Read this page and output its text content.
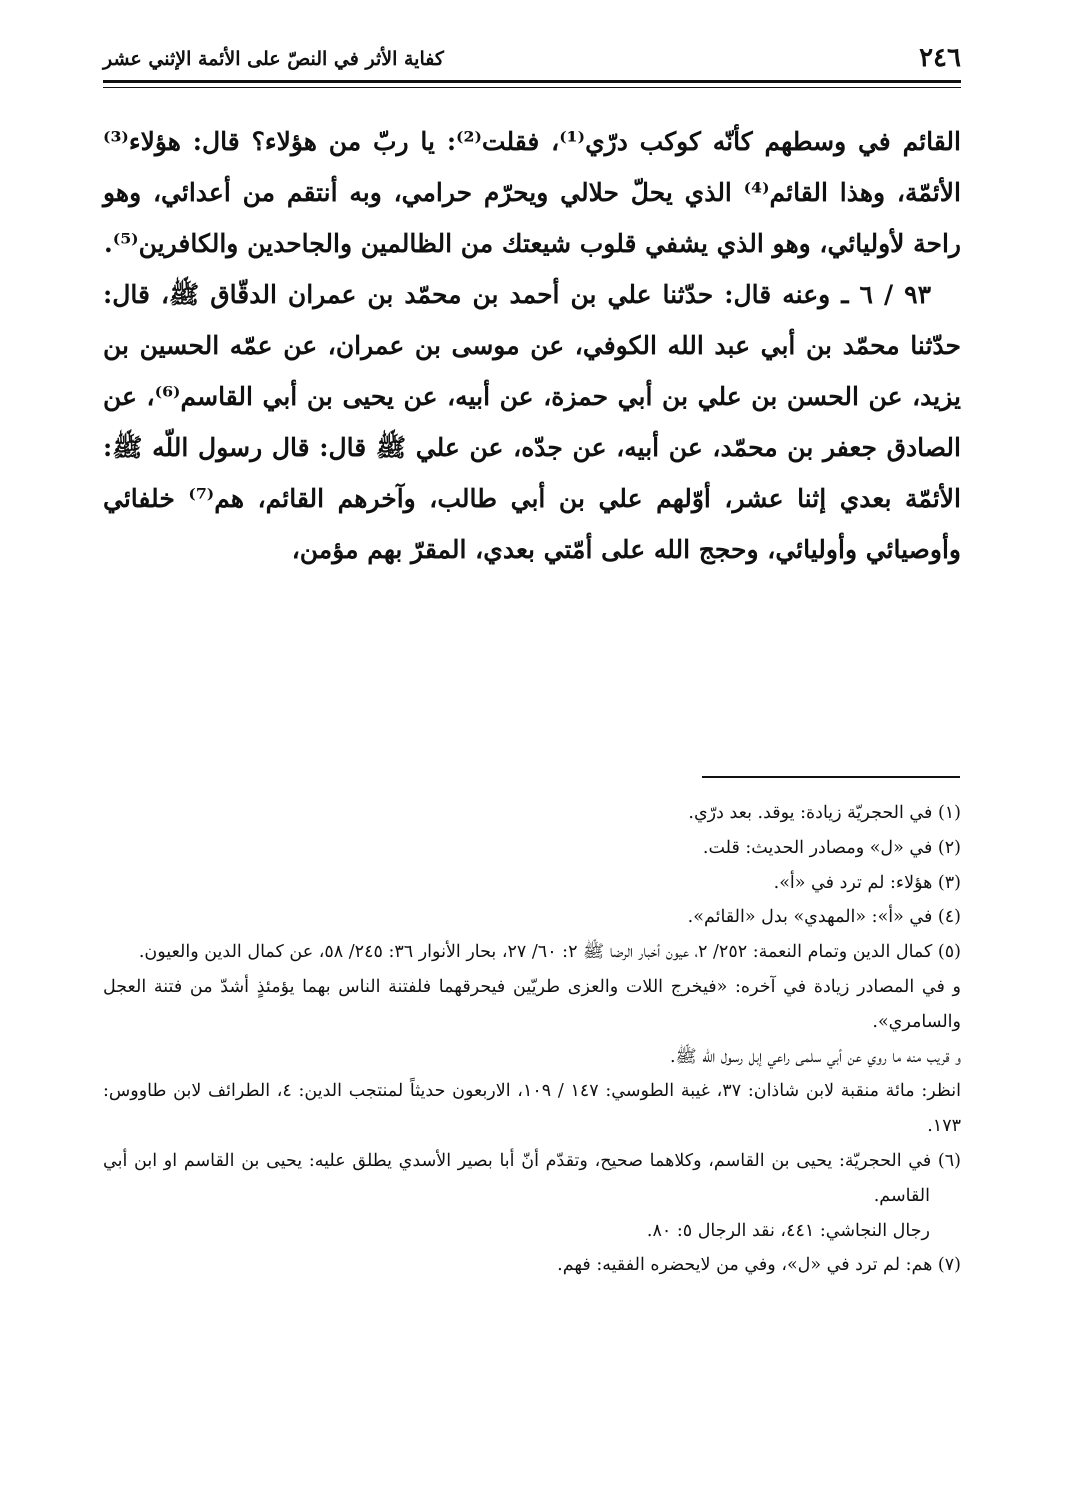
٢٤٦
كفاية الأثر في النصّ على الأئمة الإثني عشر

القائم في وسطهم كأنّه كوكب درّي⁽¹⁾، فقلت⁽²⁾: يا ربّ من هؤلاء؟ قال: هؤلاء⁽³⁾ الأئمّة، وهذا القائم⁽⁴⁾ الذي يحلّ حلالي ويحرّم حرامي، وبه أنتقم من أعدائي، وهو راحة لأوليائي، وهو الذي يشفي قلوب شيعتك من الظالمين والجاحدين والكافرين⁽⁵⁾.

٩٣ / ٦ ـ وعنه قال: حدّثنا علي بن أحمد بن محمّد بن عمران الدقّاق ﷺ، قال: حدّثنا محمّد بن أبي عبد الله الكوفي، عن موسى بن عمران، عن عمّه الحسين بن يزيد، عن الحسن بن علي بن أبي حمزة، عن أبيه، عن يحيى بن أبي القاسم⁽⁶⁾، عن الصادق جعفر بن محمّد، عن أبيه، عن جدّه، عن علي ﷺ قال: قال رسول اللّه ﷺ: الأئمّة بعدي إثنا عشر، أوّلهم علي بن أبي طالب، وآخرهم القائم، هم⁽⁷⁾ خلفائي وأوصيائي وأوليائي، وحجج الله على أمّتي بعدي، المقرّ بهم مؤمن،

(١) في الحجريّة زيادة: يوقد. بعد درّي.

(٢) في «ل» ومصادر الحديث: قلت.

(٣) هؤلاء: لم ترد في «أ».

(٤) في «أ»: «المهدي» بدل «القائم».

(٥) كمال الدين وتمام النعمة: ٢٥٢/ ٢، عيون أخبار الرضا ﷺ ٢: ٦٠/ ٢٧، بحار الأنوار ٣٦: ٢٤٥/ ٥٨، عن كمال الدين والعيون.

و في المصادر زيادة في آخره: «فيخرج اللات والعزى طريّين فيحرقهما فلفتنة الناس بهما يؤمئذٍ أشدّ من فتنة العجل والسامري».

و قريب منه ما روي عن أبي سلمى راعي إبل رسول اللّه ﷺ.

انظر: مائة منقبة لابن شاذان: ٣٧، غيبة الطوسي: ١٤٧ / ١٠٩، الاربعون حديثاً لمنتجب الدين: ٤، الطرائف لابن طاووس: ١٧٣.

(٦) في الحجريّة: يحيى بن القاسم، وكلاهما صحيح، وتقدّم أنّ أبا بصير الأسدي يطلق عليه: يحيى بن القاسم او ابن أبي القاسم.

رجال النجاشي: ٤٤١، نقد الرجال ٥: ٨٠.

(٧) هم: لم ترد في «ل»، وفي من لايحضره الفقيه: فهم.
